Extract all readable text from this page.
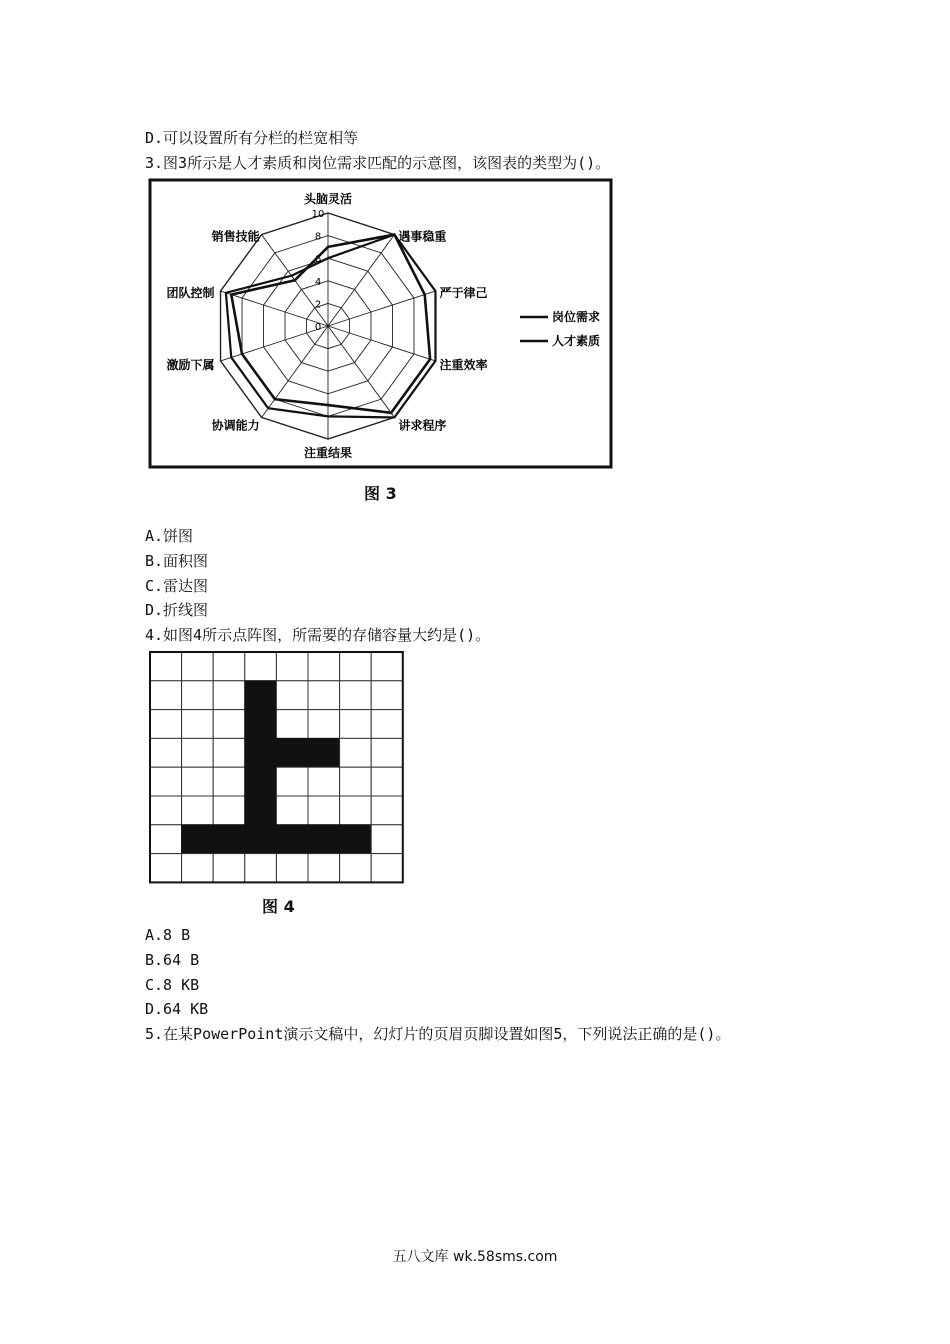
D.可以设置所有分栏的栏宽相等
3.图3所示是人才素质和岗位需求匹配的示意图，该图表的类型为()。
0
2
4
6
8
10
头脑灵活
遇事稳重
严于律己
注重效率
讲求程序
注重结果
协调能力
激励下属
团队控制
销售技能
岗位需求
人才素质
图 3
A.饼图
B.面积图
C.雷达图
D.折线图
4.如图4所示点阵图，所需要的存储容量大约是()。
图 4
A.8 B
B.64 B
C.8 KB
D.64 KB
5.在某PowerPoint演示文稿中，幻灯片的页眉页脚设置如图5，下列说法正确的是()。
五八文库 wk.58sms.com
